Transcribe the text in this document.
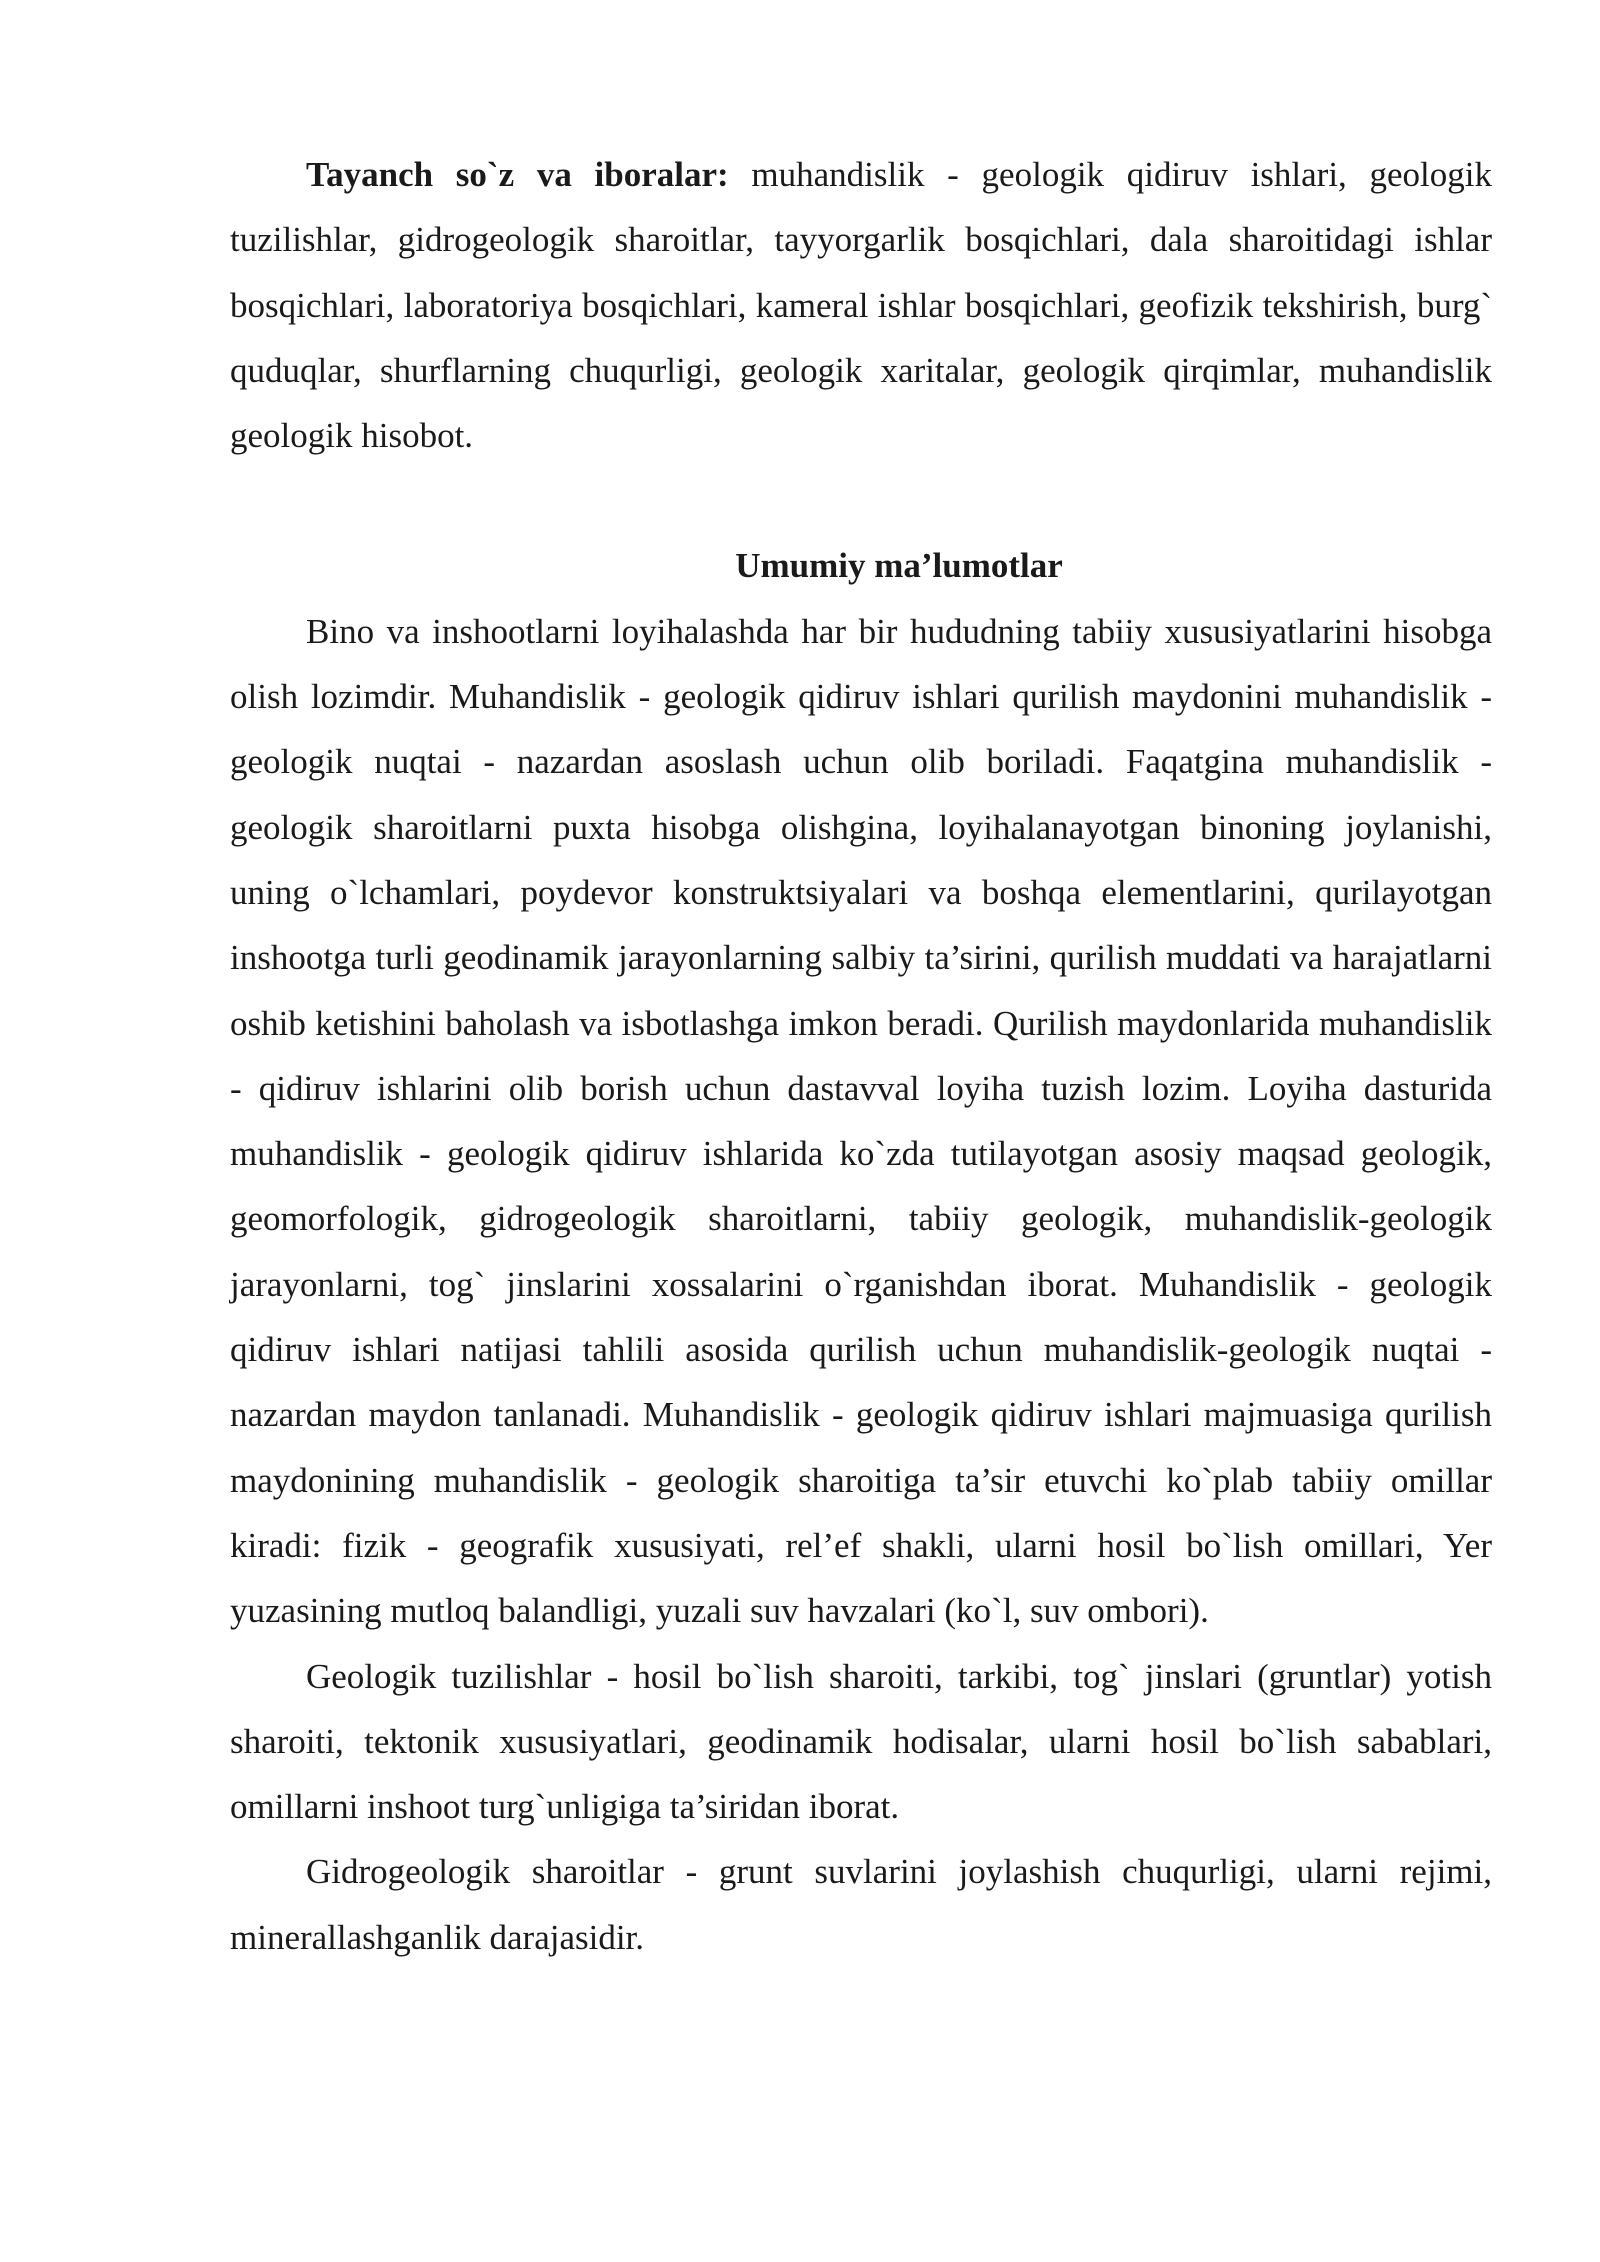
Tayanch so`z va iboralar: muhandislik - geologik qidiruv ishlari, geologik tuzilishlar, gidrogeologik sharoitlar, tayyorgarlik bosqichlari, dala sharoitidagi ishlar bosqichlari, laboratoriya bosqichlari, kameral ishlar bosqichlari, geofizik tekshirish, burg` quduqlar, shurflarning chuqurligi, geologik xaritalar, geologik qirqimlar, muhandislik geologik hisobot.

Umumiy ma’lumotlar

Bino va inshootlarni loyihalashda har bir hududning tabiiy xususiyatlarini hisobga olish lozimdir. Muhandislik - geologik qidiruv ishlari qurilish maydonini muhandislik - geologik nuqtai - nazardan asoslash uchun olib boriladi. Faqatgina muhandislik - geologik sharoitlarni puxta hisobga olishgina, loyihalanayotgan binoning joylanishi, uning o`lchamlari, poydevor konstruktsiyalari va boshqa elementlarini, qurilayotgan inshootga turli geodinamik jarayonlarning salbiy ta’sirini, qurilish muddati va harajatlarni oshib ketishini baholash va isbotlashga imkon beradi. Qurilish maydonlarida muhandislik - qidiruv ishlarini olib borish uchun dastavval loyiha tuzish lozim. Loyiha dasturida muhandislik - geologik qidiruv ishlarida ko`zda tutilayotgan asosiy maqsad geologik, geomorfologik, gidrogeologik sharoitlarni, tabiiy geologik, muhandislik-geologik jarayonlarni, tog` jinslarini xossalarini o`rganishdan iborat. Muhandislik - geologik qidiruv ishlari natijasi tahlili asosida qurilish uchun muhandislik-geologik nuqtai - nazardan maydon tanlanadi. Muhandislik - geologik qidiruv ishlari majmuasiga qurilish maydonining muhandislik - geologik sharoitiga ta’sir etuvchi ko`plab tabiiy omillar kiradi: fizik - geografik xususiyati, rel’ef shakli, ularni hosil bo`lish omillari, Yer yuzasining mutloq balandligi, yuzali suv havzalari (ko`l, suv ombori).

Geologik tuzilishlar - hosil bo`lish sharoiti, tarkibi, tog` jinslari (gruntlar) yotish sharoiti, tektonik xususiyatlari, geodinamik hodisalar, ularni hosil bo`lish sabablari, omillarni inshoot turg`unligiga ta’siridan iborat.

Gidrogeologik sharoitlar - grunt suvlarini joylashish chuqurligi, ularni rejimi, minerallashganlik darajasidir.
